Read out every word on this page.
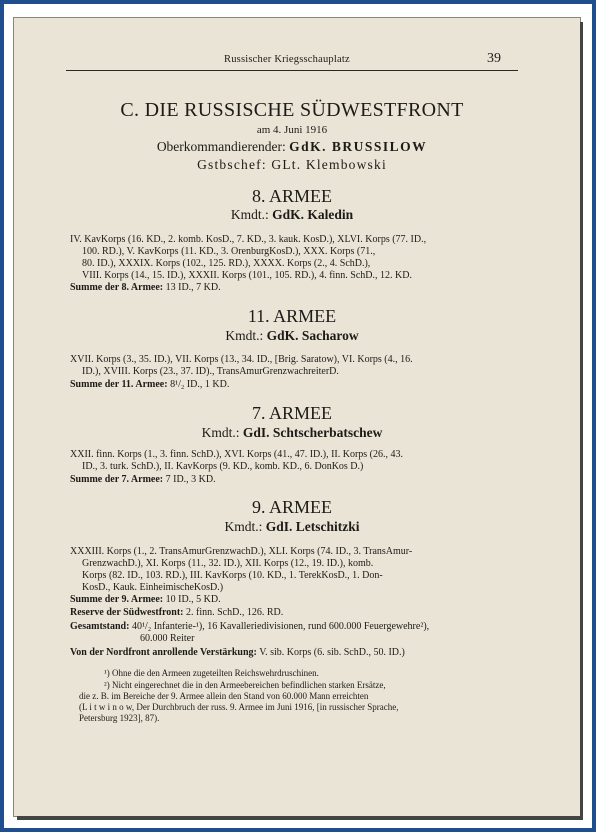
Russischer Kriegsschauplatz	39
C. DIE RUSSISCHE SÜDWESTFRONT
am 4. Juni 1916
Oberkommandierender: GdK. BRUSSILOW
Gstbschef: GLt. Klembowski
8. ARMEE
Kmdt.: GdK. Kaledin
IV. KavKorps (16. KD., 2. komb. KosD., 7. KD., 3. kauk. KosD.), XLVI. Korps (77. ID.,
100. RD.), V. KavKorps (11. KD., 3. OrenburgKosD.), XXX. Korps (71.,
80. ID.), XXXIX. Korps (102., 125. RD.), XXXX. Korps (2., 4. SchD.),
VIII. Korps (14., 15. ID.), XXXII. Korps (101., 105. RD.), 4. finn. SchD., 12. KD.
Summe der 8. Armee: 13 ID., 7 KD.
11. ARMEE
Kmdt.: GdK. Sacharow
XVII. Korps (3., 35. ID.), VII. Korps (13., 34. ID., [Brig. Saratow), VI. Korps (4., 16.
ID.), XVIII. Korps (23., 37. ID)., TransAmurGrenzwachreiterD.
Summe der 11. Armee: 8¹/₂ ID., 1 KD.
7. ARMEE
Kmdt.: GdI. Schtscherbatschew
XXII. finn. Korps (1., 3. finn. SchD.), XVI. Korps (41., 47. ID.), II. Korps (26., 43.
ID., 3. turk. SchD.), II. KavKorps (9. KD., komb. KD., 6. DonKos D.)
Summe der 7. Armee: 7 ID., 3 KD.
9. ARMEE
Kmdt.: GdI. Letschitzki
XXXIII. Korps (1., 2. TransAmurGrenzwachD.), XLI. Korps (74. ID., 3. TransAmur-
GrenzwachD.), XI. Korps (11., 32. ID.), XII. Korps (12., 19. ID.), komb.
Korps (82. ID., 103. RD.), III. KavKorps (10. KD., 1. TerekKosD., 1. Don-
KosD., Kauk. EinheimischeKosD.)
Summe der 9. Armee: 10 ID., 5 KD.
Reserve der Südwestfront: 2. finn. SchD., 126. RD.
Gesamtstand: 40¹/₂ Infanterie-¹), 16 Kavalleriedivisionen, rund 600.000 Feuergewehre²),
60.000 Reiter
Von der Nordfront anrollende Verstärkung: V. sib. Korps (6. sib. SchD., 50. ID.)
¹) Ohne die den Armeen zugeteilten Reichswehrdruschinen.
²) Nicht eingerechnet die in den Armeebereichen befindlichen starken Ersätze,
die z. B. im Bereiche der 9. Armee allein den Stand von 60.000 Mann erreichten
(L i t w i n o w, Der Durchbruch der russ. 9. Armee im Juni 1916, [in russischer Sprache,
Petersburg 1923], 87).
